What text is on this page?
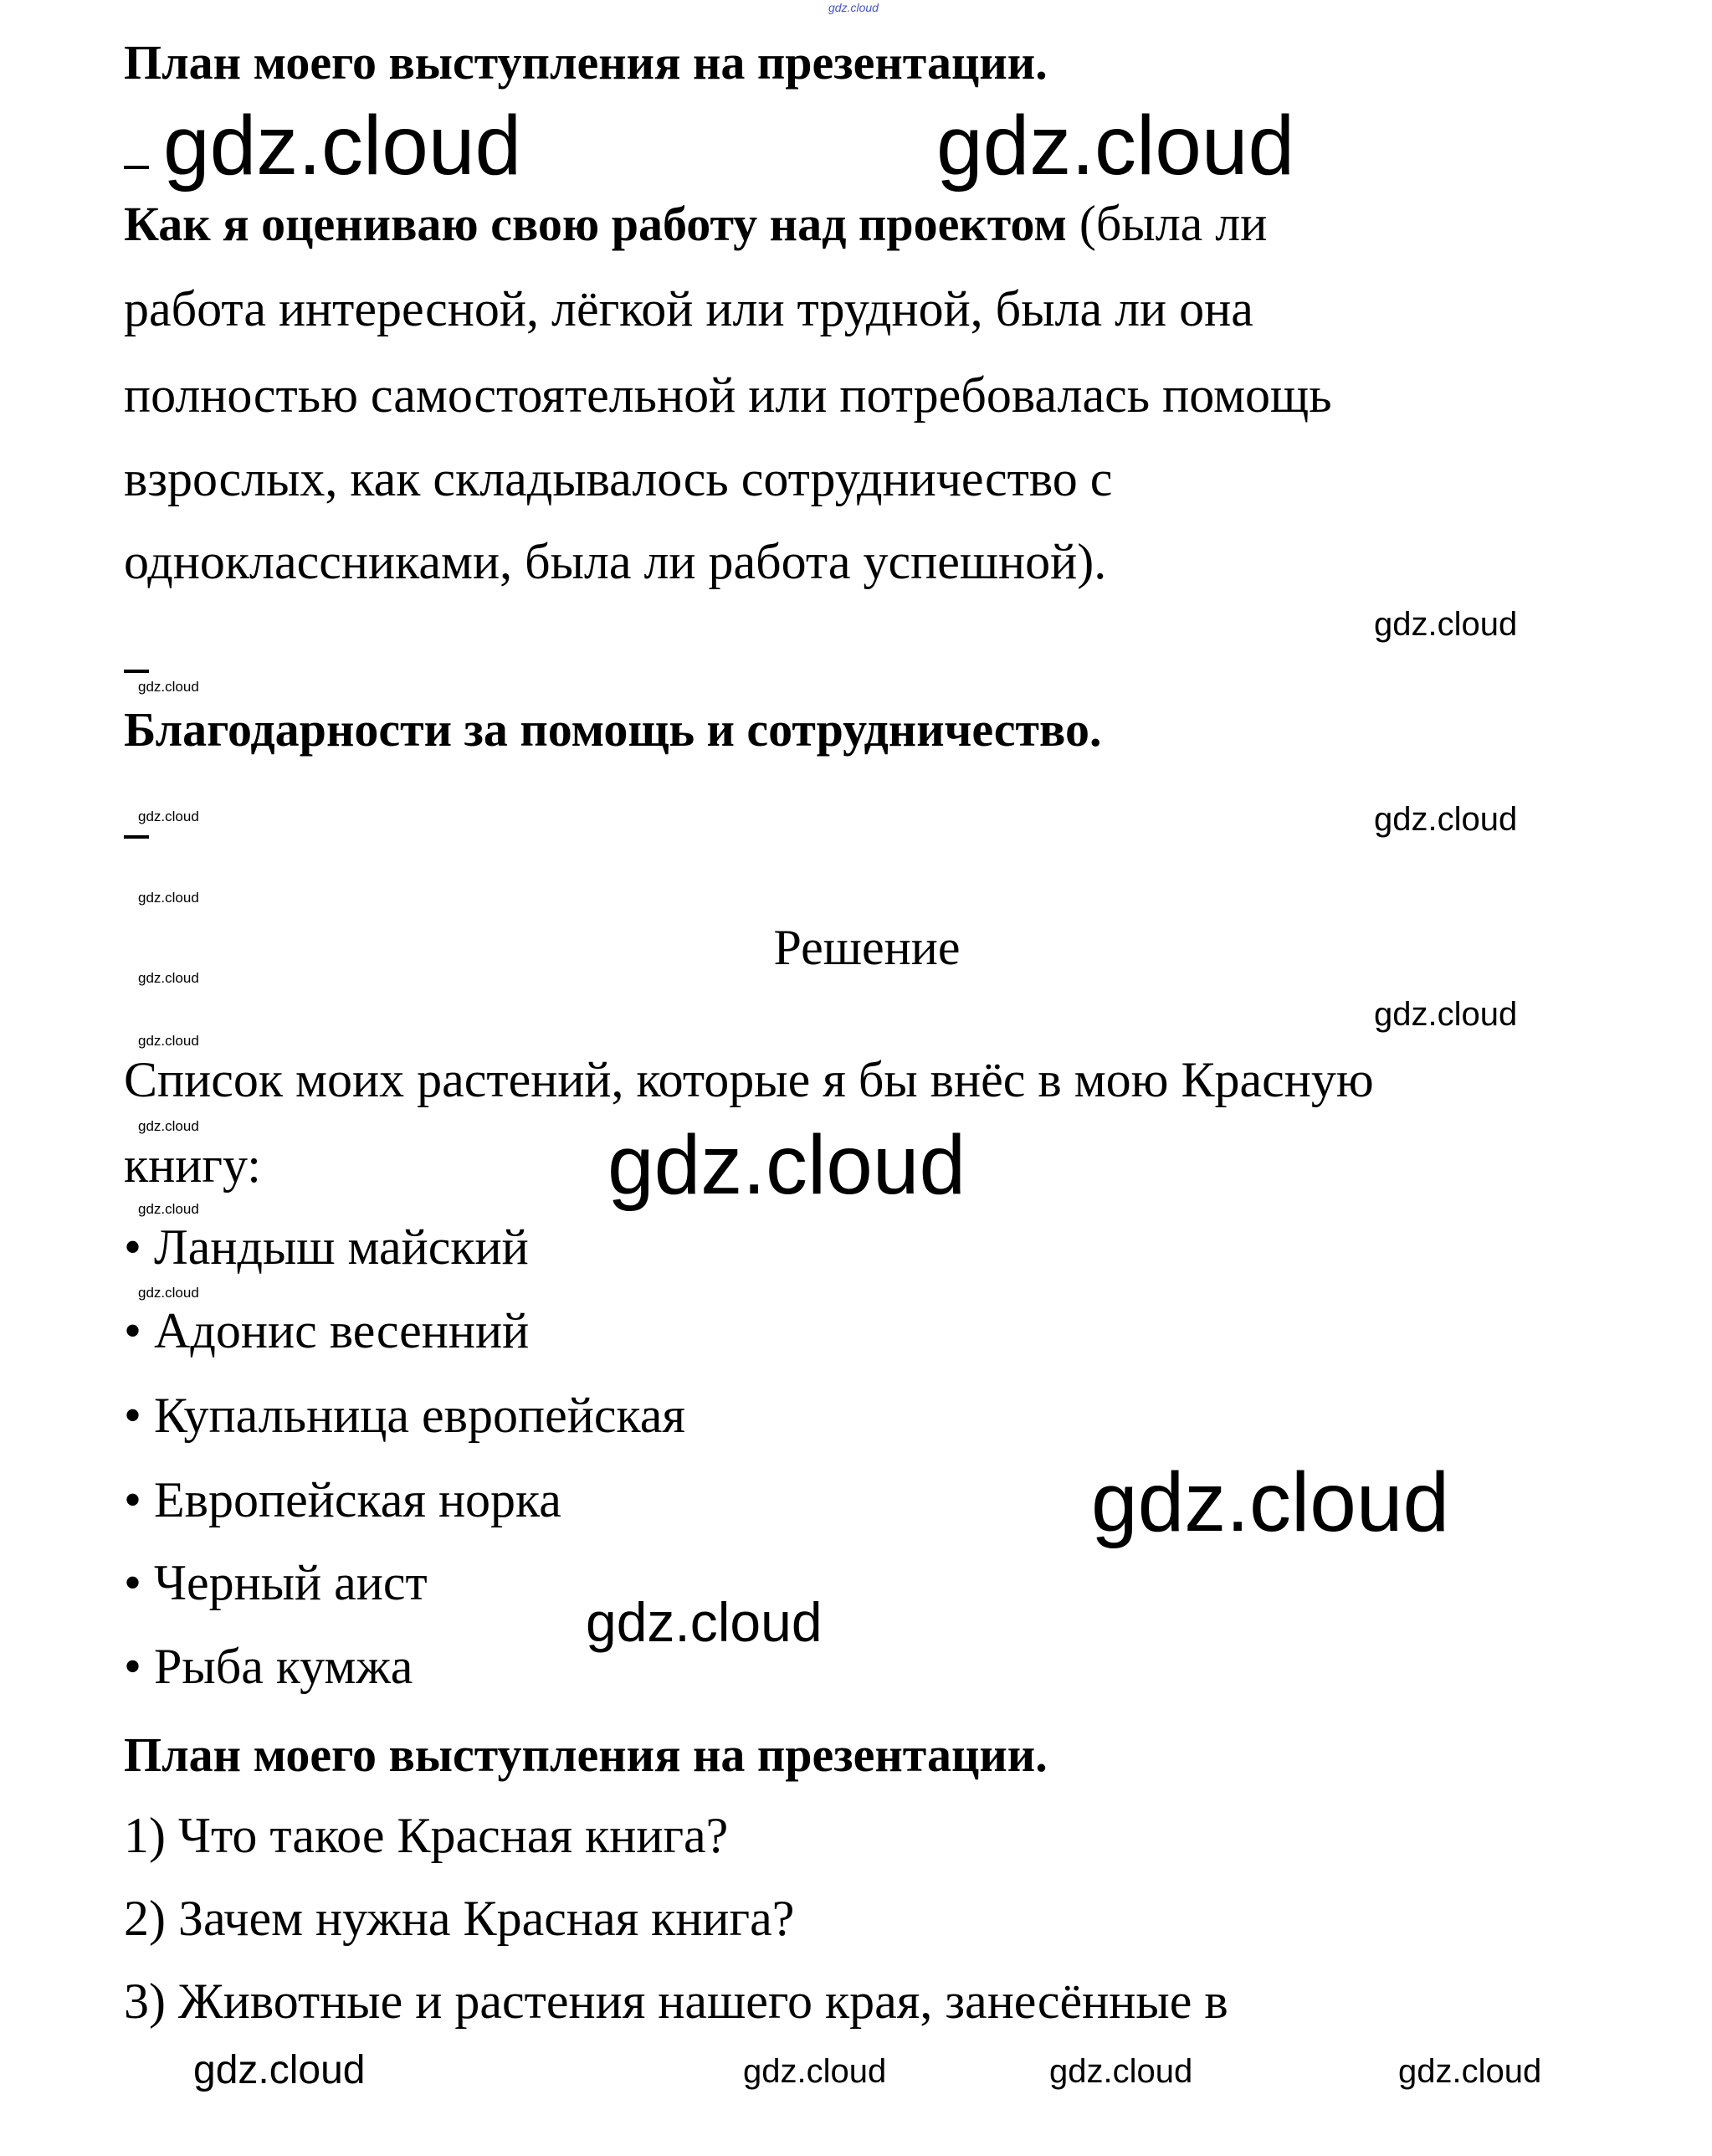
gdz.cloud
План моего выступления на презентации.
Как я оцениваю свою работу над проектом (была ли
работа интересной, лёгкой или трудной, была ли она
полностью самостоятельной или потребовалась помощь
взрослых, как складывалось сотрудничество с
одноклассниками, была ли работа успешной).
Благодарности за помощь и сотрудничество.
Решение
Список моих растений, которые я бы внёс в мою Красную
книгу:
• Ландыш майский
• Адонис весенний
• Купальница европейская
• Европейская норка
• Черный аист
• Рыба кумжа
План моего выступления на презентации.
1) Что такое Красная книга?
2) Зачем нужна Красная книга?
3) Животные и растения нашего края, занесённые в
gdz.cloud	gdz.cloud
gdz.cloud
gdz.cloud
gdz.cloud
gdz.cloud
gdz.cloud
gdz.cloud
gdz.cloud	gdz.cloud	gdz.cloud	gdz.cloud
gdz.cloud
gdz.cloud
gdz.cloud
gdz.cloud
gdz.cloud
gdz.cloud
gdz.cloud
gdz.cloud
